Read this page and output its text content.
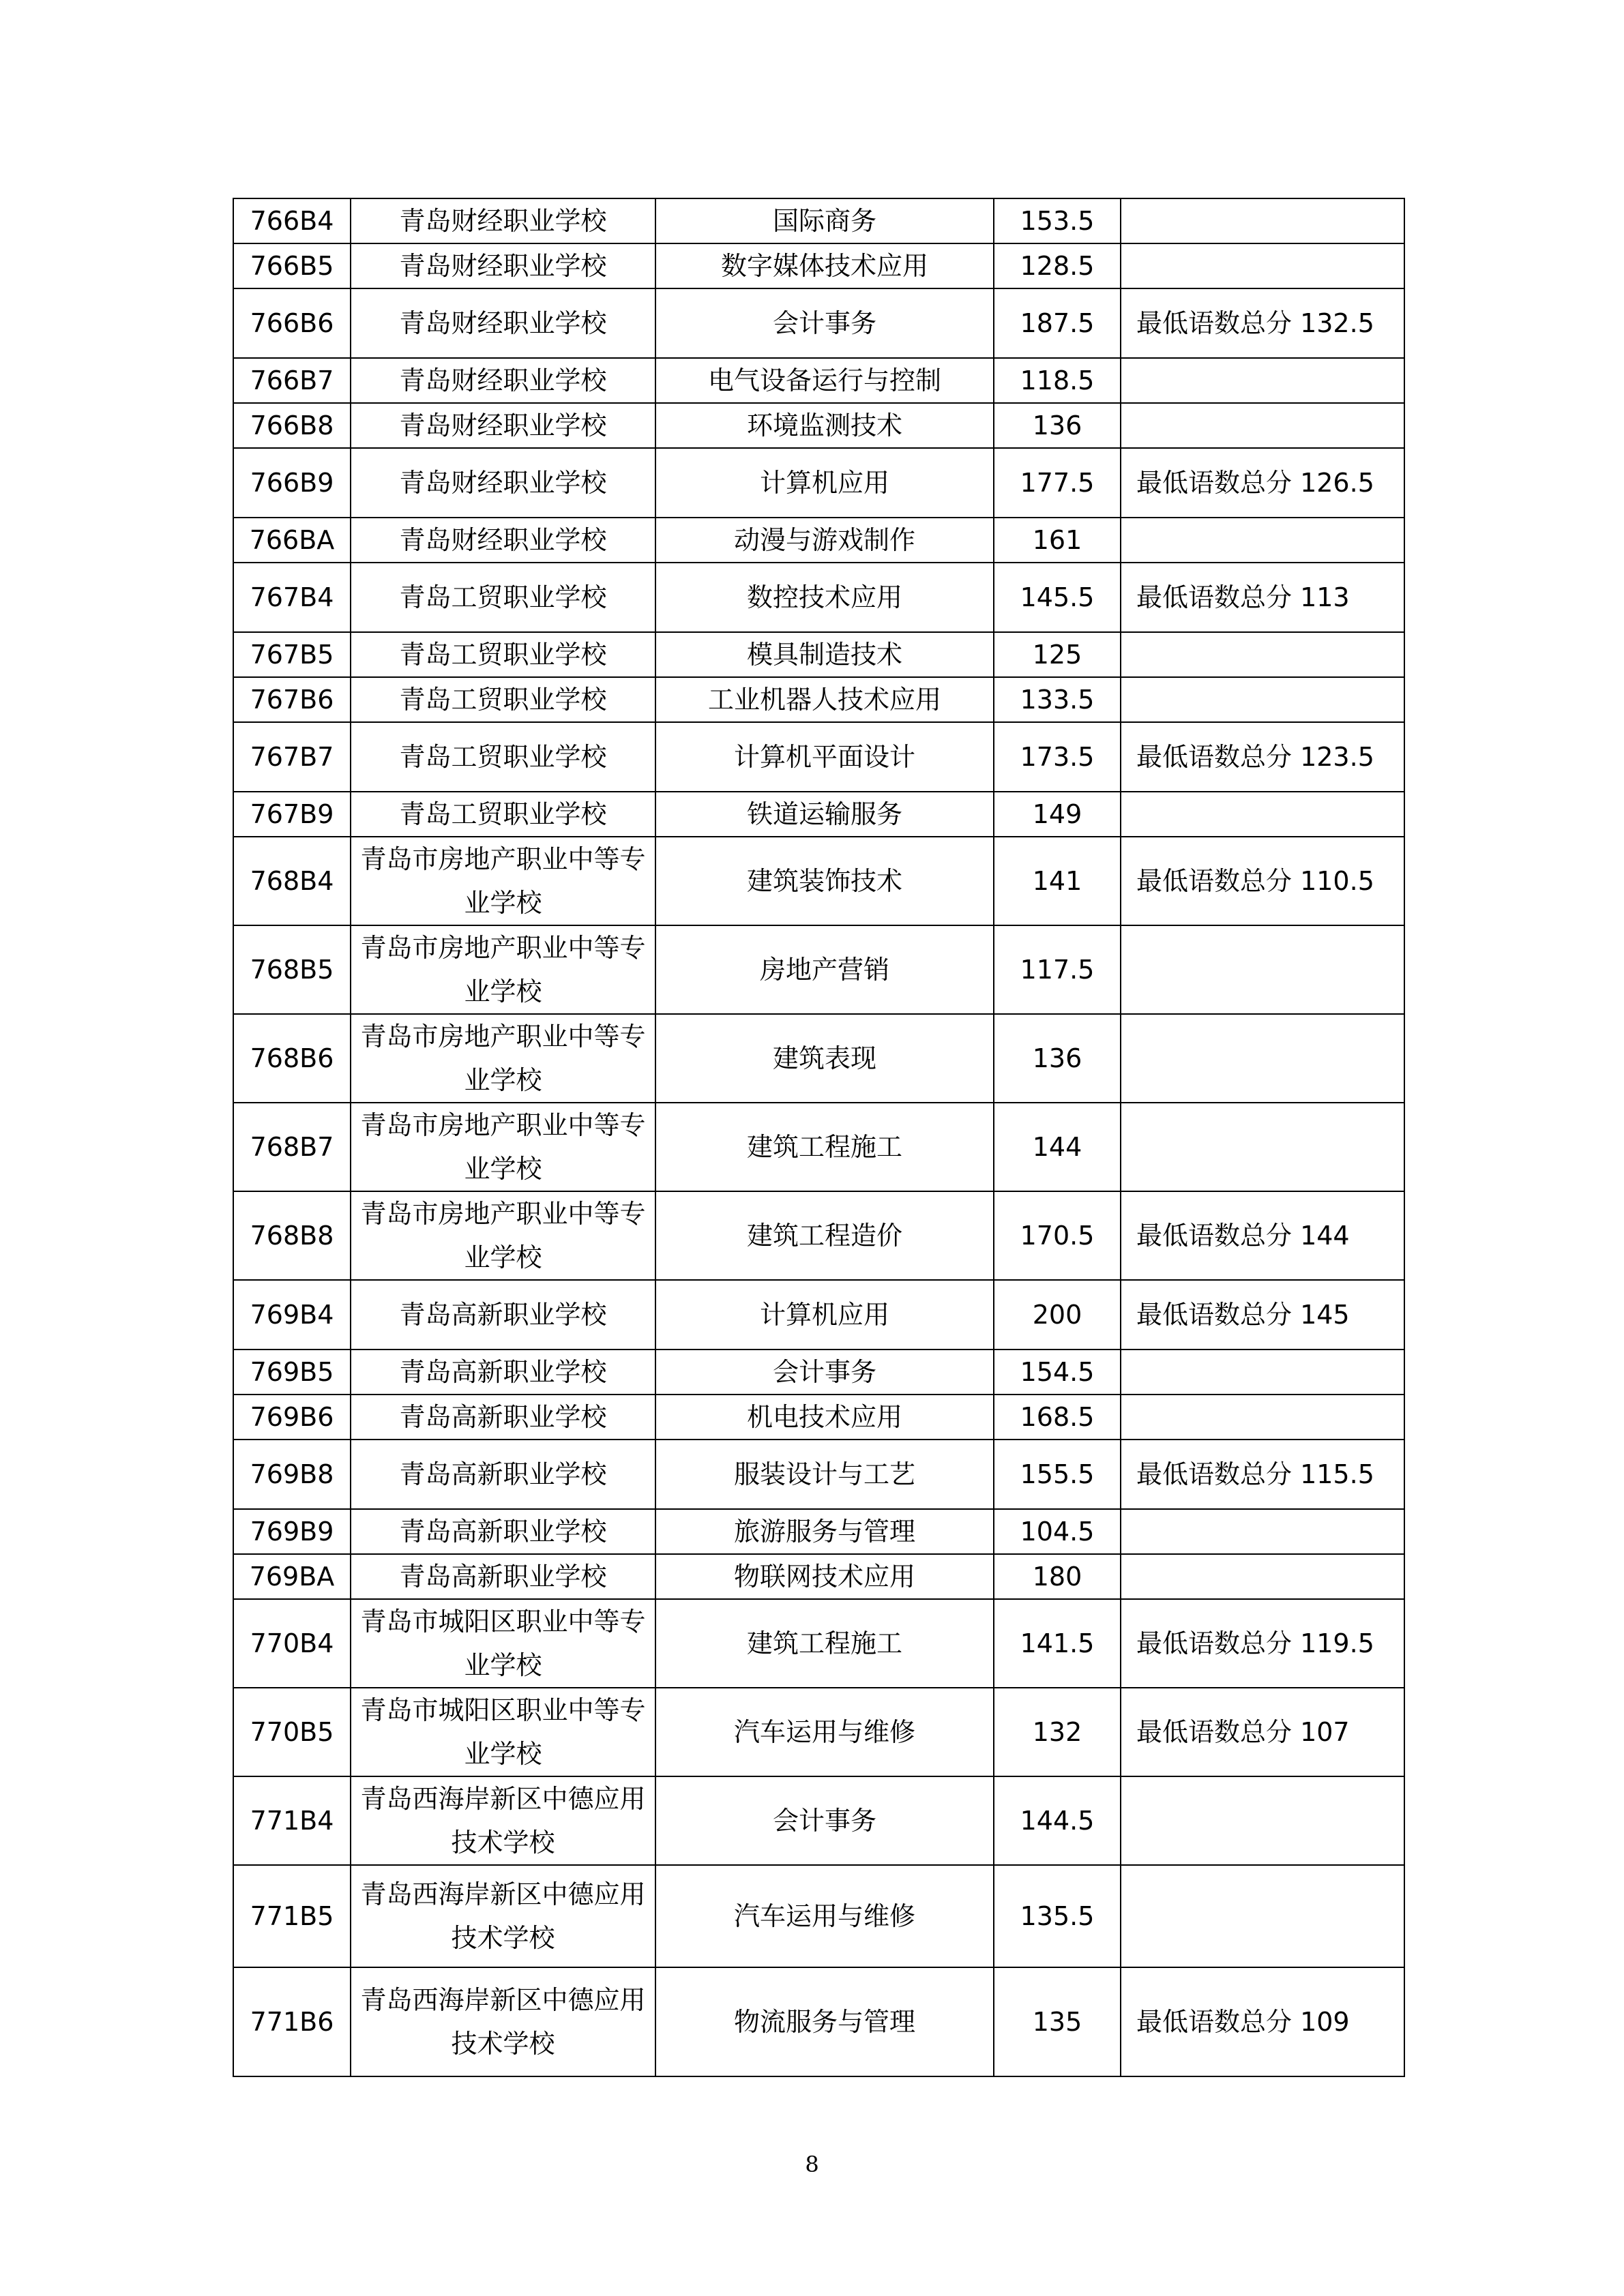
766B4	青岛财经职业学校	国际商务	153.5	
766B5	青岛财经职业学校	数字媒体技术应用	128.5	
766B6	青岛财经职业学校	会计事务	187.5	最低语数总分 132.5
766B7	青岛财经职业学校	电气设备运行与控制	118.5	
766B8	青岛财经职业学校	环境监测技术	136	
766B9	青岛财经职业学校	计算机应用	177.5	最低语数总分 126.5
766BA	青岛财经职业学校	动漫与游戏制作	161	
767B4	青岛工贸职业学校	数控技术应用	145.5	最低语数总分 113
767B5	青岛工贸职业学校	模具制造技术	125	
767B6	青岛工贸职业学校	工业机器人技术应用	133.5	
767B7	青岛工贸职业学校	计算机平面设计	173.5	最低语数总分 123.5
767B9	青岛工贸职业学校	铁道运输服务	149	
768B4	青岛市房地产职业中等专业学校	建筑装饰技术	141	最低语数总分 110.5
768B5	青岛市房地产职业中等专业学校	房地产营销	117.5	
768B6	青岛市房地产职业中等专业学校	建筑表现	136	
768B7	青岛市房地产职业中等专业学校	建筑工程施工	144	
768B8	青岛市房地产职业中等专业学校	建筑工程造价	170.5	最低语数总分 144
769B4	青岛高新职业学校	计算机应用	200	最低语数总分 145
769B5	青岛高新职业学校	会计事务	154.5	
769B6	青岛高新职业学校	机电技术应用	168.5	
769B8	青岛高新职业学校	服装设计与工艺	155.5	最低语数总分 115.5
769B9	青岛高新职业学校	旅游服务与管理	104.5	
769BA	青岛高新职业学校	物联网技术应用	180	
770B4	青岛市城阳区职业中等专业学校	建筑工程施工	141.5	最低语数总分 119.5
770B5	青岛市城阳区职业中等专业学校	汽车运用与维修	132	最低语数总分 107
771B4	青岛西海岸新区中德应用技术学校	会计事务	144.5	
771B5	青岛西海岸新区中德应用技术学校	汽车运用与维修	135.5	
771B6	青岛西海岸新区中德应用技术学校	物流服务与管理	135	最低语数总分 109
8
